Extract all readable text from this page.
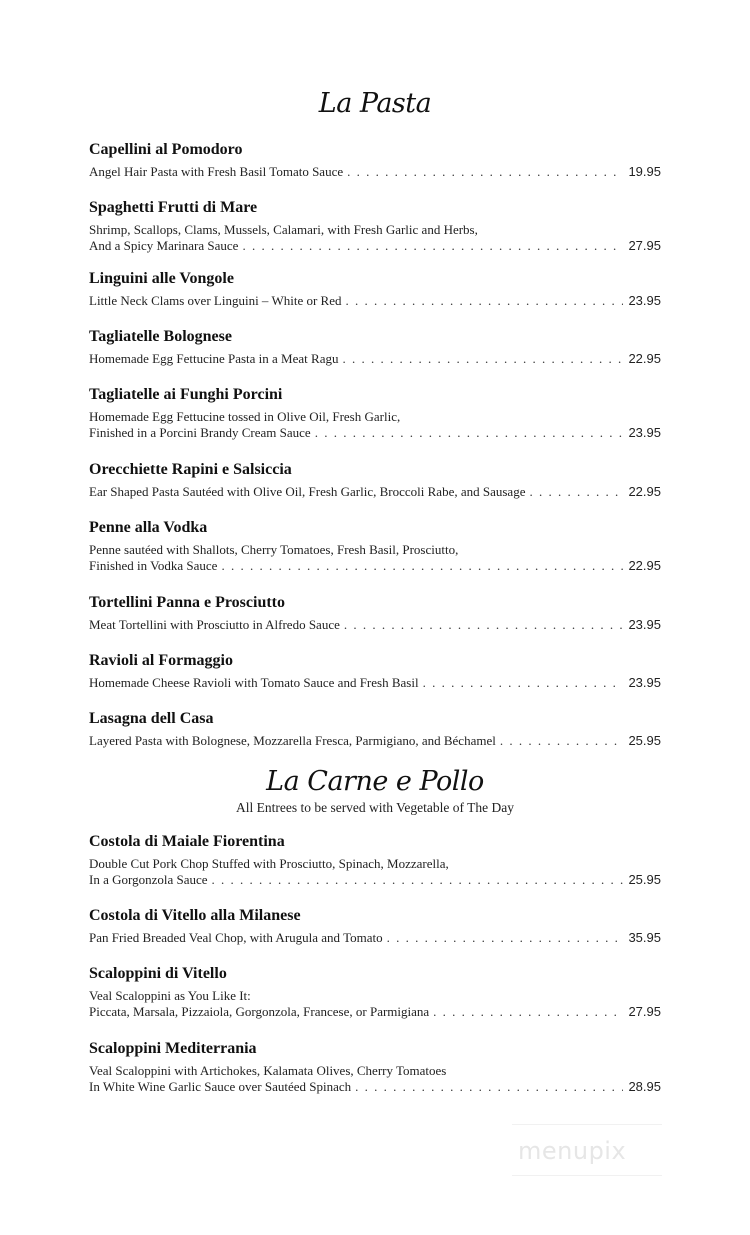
La Pasta
Capellini al Pomodoro
Angel Hair Pasta with Fresh Basil Tomato Sauce . . .	19.95
Spaghetti Frutti di Mare
Shrimp, Scallops, Clams, Mussels, Calamari, with Fresh Garlic and Herbs,
And a Spicy Marinara Sauce . . .	27.95
Linguini alle Vongole
Little Neck Clams over Linguini – White or Red . . .	23.95
Tagliatelle Bolognese
Homemade Egg Fettucine Pasta in a Meat Ragu . . .	22.95
Tagliatelle ai Funghi Porcini
Homemade Egg Fettucine tossed in Olive Oil, Fresh Garlic,
Finished in a Porcini Brandy Cream Sauce . . .	23.95
Orecchiette Rapini e Salsiccia
Ear Shaped Pasta Sautéed with Olive Oil, Fresh Garlic, Broccoli Rabe, and Sausage . . .	22.95
Penne alla Vodka
Penne sautéed with Shallots, Cherry Tomatoes, Fresh Basil, Prosciutto,
Finished in Vodka Sauce . . .	22.95
Tortellini Panna e Prosciutto
Meat Tortellini with Prosciutto in Alfredo Sauce . . .	23.95
Ravioli al Formaggio
Homemade Cheese Ravioli with Tomato Sauce and Fresh Basil . . .	23.95
Lasagna dell Casa
Layered Pasta with Bolognese, Mozzarella Fresca, Parmigiano, and Béchamel . . .	25.95
La Carne e Pollo
All Entrees to be served with Vegetable of The Day
Costola di Maiale Fiorentina
Double Cut Pork Chop Stuffed with Prosciutto, Spinach, Mozzarella,
In a Gorgonzola Sauce . . .	25.95
Costola di Vitello alla Milanese
Pan Fried Breaded Veal Chop, with Arugula and Tomato . . .	35.95
Scaloppini di Vitello
Veal Scaloppini as You Like It:
Piccata, Marsala, Pizzaiola, Gorgonzola, Francese, or Parmigiana . . .	27.95
Scaloppini Mediterrania
Veal Scaloppini with Artichokes, Kalamata Olives, Cherry Tomatoes
In White Wine Garlic Sauce over Sautéed Spinach . . .	28.95
menupix
